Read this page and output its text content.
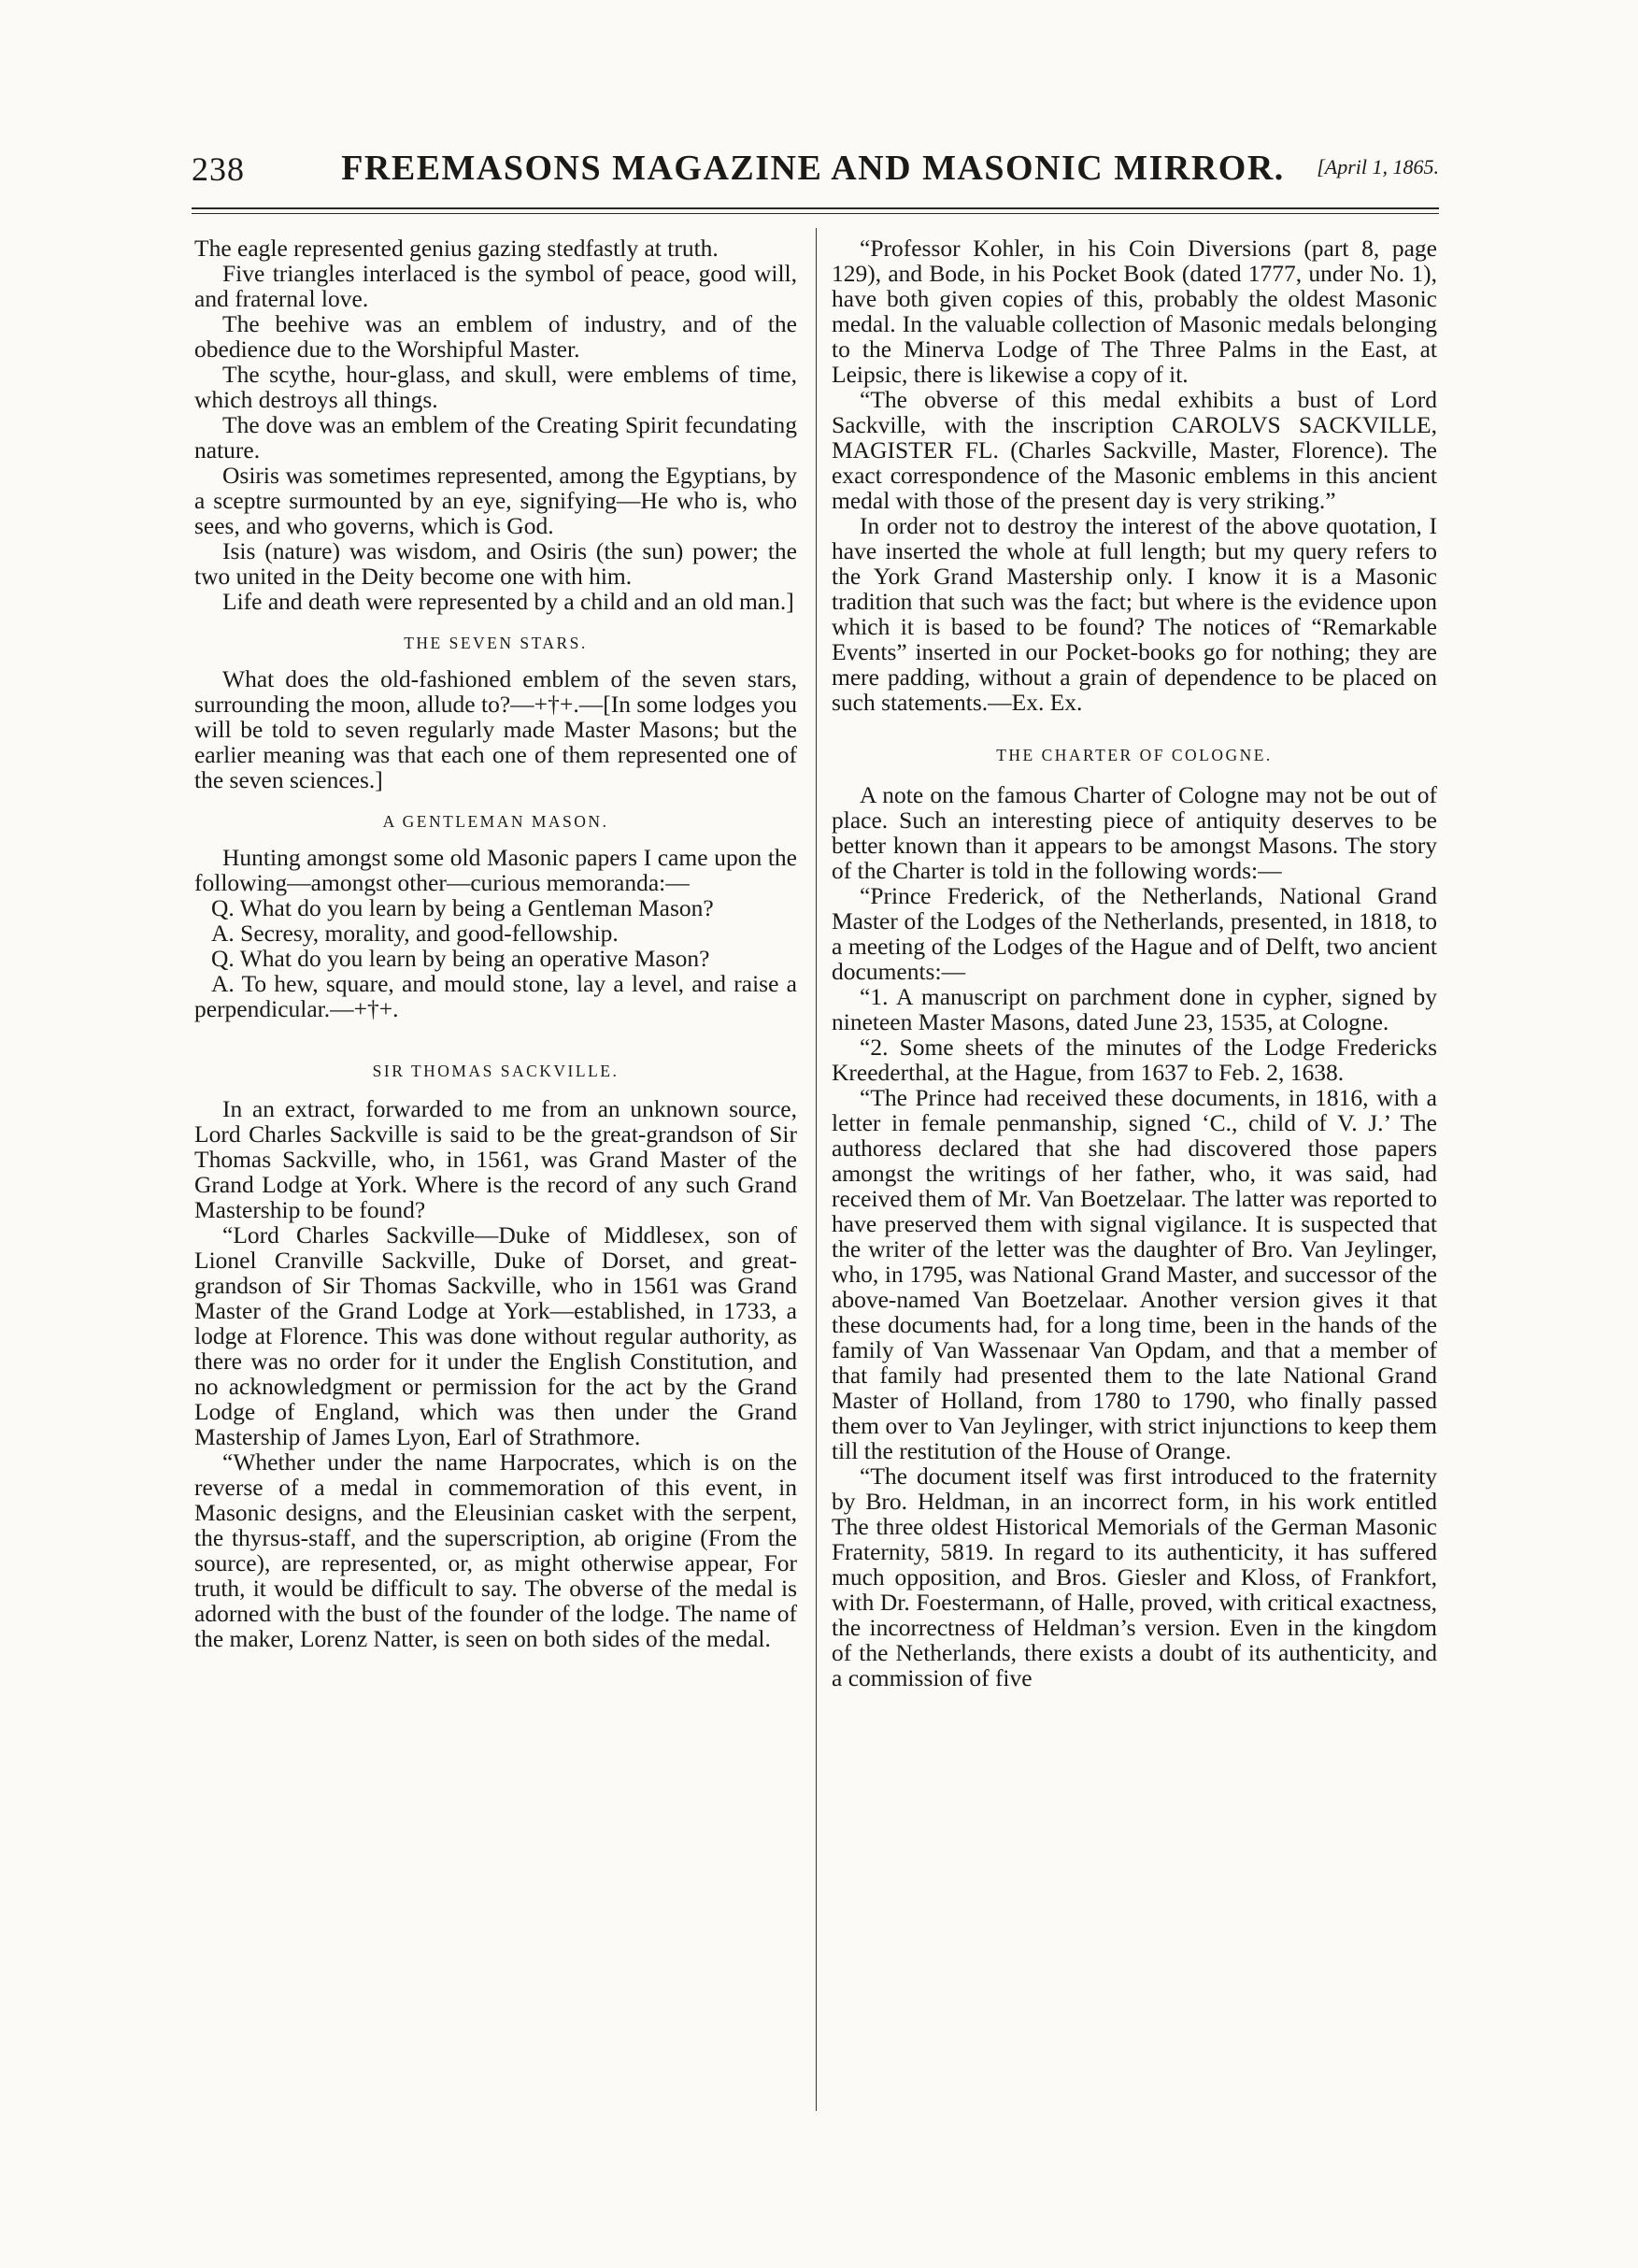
238	FREEMASONS MAGAZINE AND MASONIC MIRROR.	[April 1, 1865.

The eagle represented genius gazing stedfastly at truth.

Five triangles interlaced is the symbol of peace, good will, and fraternal love.

The beehive was an emblem of industry, and of the obedience due to the Worshipful Master.

The scythe, hour-glass, and skull, were emblems of time, which destroys all things.

The dove was an emblem of the Creating Spirit fecundating nature.

Osiris was sometimes represented, among the Egyptians, by a sceptre surmounted by an eye, signifying—He who is, who sees, and who governs, which is God.

Isis (nature) was wisdom, and Osiris (the sun) power; the two united in the Deity become one with him.

Life and death were represented by a child and an old man.]

THE SEVEN STARS.

What does the old-fashioned emblem of the seven stars, surrounding the moon, allude to?—+†+.—[In some lodges you will be told to seven regularly made Master Masons; but the earlier meaning was that each one of them represented one of the seven sciences.]

A GENTLEMAN MASON.

Hunting amongst some old Masonic papers I came upon the following—amongst other—curious memoranda:—

Q. What do you learn by being a Gentleman Mason?

A. Secresy, morality, and good-fellowship.

Q. What do you learn by being an operative Mason?

A. To hew, square, and mould stone, lay a level, and raise a perpendicular.—+†+.

SIR THOMAS SACKVILLE.

In an extract, forwarded to me from an unknown source, Lord Charles Sackville is said to be the great-grandson of Sir Thomas Sackville, who, in 1561, was Grand Master of the Grand Lodge at York. Where is the record of any such Grand Mastership to be found?

“Lord Charles Sackville—Duke of Middlesex, son of Lionel Cranville Sackville, Duke of Dorset, and great-grandson of Sir Thomas Sackville, who in 1561 was Grand Master of the Grand Lodge at York—established, in 1733, a lodge at Florence. This was done without regular authority, as there was no order for it under the English Constitution, and no acknowledgment or permission for the act by the Grand Lodge of England, which was then under the Grand Mastership of James Lyon, Earl of Strathmore.

“Whether under the name Harpocrates, which is on the reverse of a medal in commemoration of this event, in Masonic designs, and the Eleusinian casket with the serpent, the thyrsus-staff, and the superscription, ab origine (From the source), are represented, or, as might otherwise appear, For truth, it would be difficult to say. The obverse of the medal is adorned with the bust of the founder of the lodge. The name of the maker, Lorenz Natter, is seen on both sides of the medal.

“Professor Kohler, in his Coin Diversions (part 8, page 129), and Bode, in his Pocket Book (dated 1777, under No. 1), have both given copies of this, probably the oldest Masonic medal. In the valuable collection of Masonic medals belonging to the Minerva Lodge of The Three Palms in the East, at Leipsic, there is likewise a copy of it.

“The obverse of this medal exhibits a bust of Lord Sackville, with the inscription CAROLVS SACKVILLE, MAGISTER FL. (Charles Sackville, Master, Florence). The exact correspondence of the Masonic emblems in this ancient medal with those of the present day is very striking.”

In order not to destroy the interest of the above quotation, I have inserted the whole at full length; but my query refers to the York Grand Mastership only. I know it is a Masonic tradition that such was the fact; but where is the evidence upon which it is based to be found? The notices of “Remarkable Events” inserted in our Pocket-books go for nothing; they are mere padding, without a grain of dependence to be placed on such statements.—Ex. Ex.

THE CHARTER OF COLOGNE.

A note on the famous Charter of Cologne may not be out of place. Such an interesting piece of antiquity deserves to be better known than it appears to be amongst Masons. The story of the Charter is told in the following words:—

“Prince Frederick, of the Netherlands, National Grand Master of the Lodges of the Netherlands, presented, in 1818, to a meeting of the Lodges of the Hague and of Delft, two ancient documents:—

“1. A manuscript on parchment done in cypher, signed by nineteen Master Masons, dated June 23, 1535, at Cologne.

“2. Some sheets of the minutes of the Lodge Fredericks Kreederthal, at the Hague, from 1637 to Feb. 2, 1638.

“The Prince had received these documents, in 1816, with a letter in female penmanship, signed ‘C., child of V. J.’ The authoress declared that she had discovered those papers amongst the writings of her father, who, it was said, had received them of Mr. Van Boetzelaar. The latter was reported to have preserved them with signal vigilance. It is suspected that the writer of the letter was the daughter of Bro. Van Jeylinger, who, in 1795, was National Grand Master, and successor of the above-named Van Boetzelaar. Another version gives it that these documents had, for a long time, been in the hands of the family of Van Wassenaar Van Opdam, and that a member of that family had presented them to the late National Grand Master of Holland, from 1780 to 1790, who finally passed them over to Van Jeylinger, with strict injunctions to keep them till the restitution of the House of Orange.

“The document itself was first introduced to the fraternity by Bro. Heldman, in an incorrect form, in his work entitled The three oldest Historical Memorials of the German Masonic Fraternity, 5819. In regard to its authenticity, it has suffered much opposition, and Bros. Giesler and Kloss, of Frankfort, with Dr. Foestermann, of Halle, proved, with critical exactness, the incorrectness of Heldman’s version. Even in the kingdom of the Netherlands, there exists a doubt of its authenticity, and a commission of five
